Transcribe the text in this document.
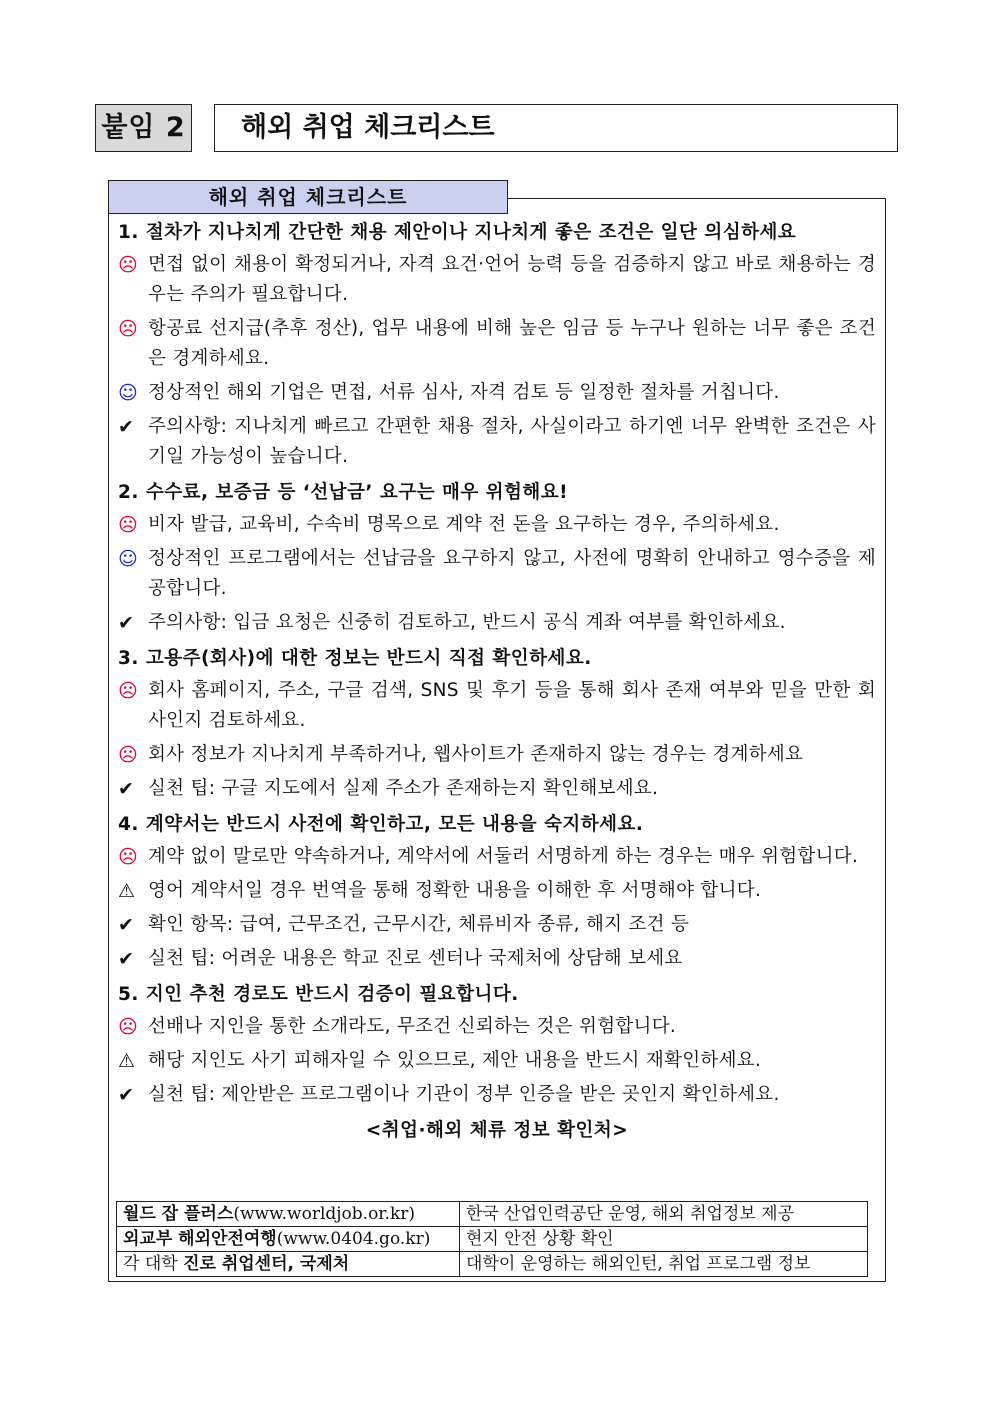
붙임 2	해외 취업 체크리스트
해외 취업 체크리스트
1. 절차가 지나치게 간단한 채용 제안이나 지나치게 좋은 조건은 일단 의심하세요
☹ 면접 없이 채용이 확정되거나, 자격 요건·언어 능력 등을 검증하지 않고 바로 채용하는 경우는 주의가 필요합니다.
☹ 항공료 선지급(추후 정산), 업무 내용에 비해 높은 임금 등 누구나 원하는 너무 좋은 조건은 경계하세요.
☺ 정상적인 해외 기업은 면접, 서류 심사, 자격 검토 등 일정한 절차를 거칩니다.
✔ 주의사항: 지나치게 빠르고 간편한 채용 절차, 사실이라고 하기엔 너무 완벽한 조건은 사기일 가능성이 높습니다.
2. 수수료, 보증금 등 ‘선납금’ 요구는 매우 위험해요!
☹ 비자 발급, 교육비, 수속비 명목으로 계약 전 돈을 요구하는 경우, 주의하세요.
☺ 정상적인 프로그램에서는 선납금을 요구하지 않고, 사전에 명확히 안내하고 영수증을 제공합니다.
✔ 주의사항: 입금 요청은 신중히 검토하고, 반드시 공식 계좌 여부를 확인하세요.
3. 고용주(회사)에 대한 정보는 반드시 직접 확인하세요.
☹ 회사 홈페이지, 주소, 구글 검색, SNS 및 후기 등을 통해 회사 존재 여부와 믿을 만한 회사인지 검토하세요.
☹ 회사 정보가 지나치게 부족하거나, 웹사이트가 존재하지 않는 경우는 경계하세요
✔ 실천 팁: 구글 지도에서 실제 주소가 존재하는지 확인해보세요.
4. 계약서는 반드시 사전에 확인하고, 모든 내용을 숙지하세요.
☹ 계약 없이 말로만 약속하거나, 계약서에 서둘러 서명하게 하는 경우는 매우 위험합니다.
⚠ 영어 계약서일 경우 번역을 통해 정확한 내용을 이해한 후 서명해야 합니다.
✔ 확인 항목: 급여, 근무조건, 근무시간, 체류비자 종류, 해지 조건 등
✔ 실천 팁: 어려운 내용은 학교 진로 센터나 국제처에 상담해 보세요
5. 지인 추천 경로도 반드시 검증이 필요합니다.
☹ 선배나 지인을 통한 소개라도, 무조건 신뢰하는 것은 위험합니다.
⚠ 해당 지인도 사기 피해자일 수 있으므로, 제안 내용을 반드시 재확인하세요.
✔ 실천 팁: 제안받은 프로그램이나 기관이 정부 인증을 받은 곳인지 확인하세요.
<취업·해외 체류 정보 확인처>
월드 잡 플러스(www.worldjob.or.kr)	한국 산업인력공단 운영, 해외 취업정보 제공
외교부 해외안전여행(www.0404.go.kr)	현지 안전 상황 확인
각 대학 진로 취업센터, 국제처	대학이 운영하는 해외인턴, 취업 프로그램 정보
